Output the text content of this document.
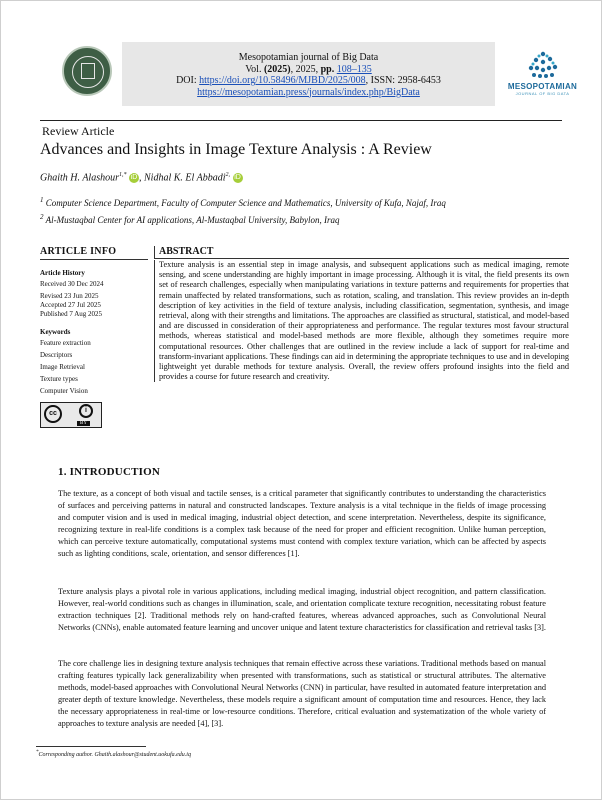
Mesopotamian journal of Big Data
Vol. (2025), 2025, pp. 108–135
DOI: https://doi.org/10.58496/MJBD/2025/008, ISSN: 2958-6453
https://mesopotamian.press/journals/index.php/BigData	MESOPOTAMIAN
JOURNAL OF BIG DATA
Review Article
Advances and Insights in Image Texture Analysis : A Review
Ghaith H. Alashour$^{1,*}$ iD , Nidhal K. El Abbadi$^{2,}$ iD
$^1$ Computer Science Department, Faculty of Computer Science and Mathematics, University of Kufa, Najaf, Iraq
$^2$ Al-Mustaqbal Center for AI applications, Al-Mustaqbal University, Babylon, Iraq
ARTICLE INFO
Article History
Received 30 Dec 2024
Revised 23 Jun 2025
Accepted 27 Jul 2025
Published 7 Aug 2025
Keywords
Feature extraction
Descriptors
Image Retrieval
Texture types
Computer Vision
cc	i
BY
ABSTRACT
Texture analysis is an essential step in image analysis, and subsequent applications such as medical imaging, remote sensing, and scene understanding are highly important in image processing. Although it is vital, the field presents its own set of research challenges, especially when manipulating variations in texture patterns and requirements for properties that remain unaffected by related transformations, such as rotation, scaling, and translation. This review provides an in-depth description of key activities in the field of texture analysis, including classification, segmentation, synthesis, and image retrieval, along with their strengths and limitations. The approaches are classified as structural, statistical, and model-based and are discussed in consideration of their appropriateness and performance. The regular textures most favour structural methods, whereas statistical and model-based methods are more flexible, although they sometimes require more computational resources. Other challenges that are outlined in the review include a lack of support for real-time and transform-invariant applications. These findings can aid in determining the appropriate techniques to use and in developing lightweight yet durable methods for texture analysis. Overall, the review offers profound insights into the field and provides a course for future research and creativity.
1. INTRODUCTION
The texture, as a concept of both visual and tactile senses, is a critical parameter that significantly contributes to understanding the characteristics of surfaces and perceiving patterns in natural and constructed landscapes. Texture analysis is a vital technique in the fields of image processing and computer vision and is used in medical imaging, industrial object detection, and scene interpretation. Nevertheless, despite its significance, recognizing texture in real-life conditions is a complex task because of the need for proper and efficient recognition. Unlike human perception, which can perceive texture automatically, computational systems must contend with complex texture variation, which can be affected by aspects such as lighting conditions, scale, orientation, and sensor differences [1].
Texture analysis plays a pivotal role in various applications, including medical imaging, industrial object recognition, and pattern classification. However, real-world conditions such as changes in illumination, scale, and orientation complicate texture recognition, necessitating robust feature extraction techniques [2]. Traditional methods rely on hand-crafted features, whereas advanced approaches, such as Convolutional Neural Networks (CNNs), enable automated feature learning and uncover unique and latent texture characteristics for classification and retrieval tasks [3].
The core challenge lies in designing texture analysis techniques that remain effective across these variations. Traditional methods based on manual crafting features typically lack generalizability when presented with transformations, such as statistical or structural attributes. The alternative methods, model-based approaches with Convolutional Neural Networks (CNN) in particular, have resulted in automated feature interpretation and greater depth of texture knowledge. Nevertheless, these models require a significant amount of computation time and resources. Hence, they lack the necessary appropriateness in real-time or low-resource conditions. Therefore, critical evaluation and systematization of the whole variety of approaches to texture analysis are needed [4], [3].
*Corresponding author. Ghaith.alashour@student.uokufa.edu.iq
